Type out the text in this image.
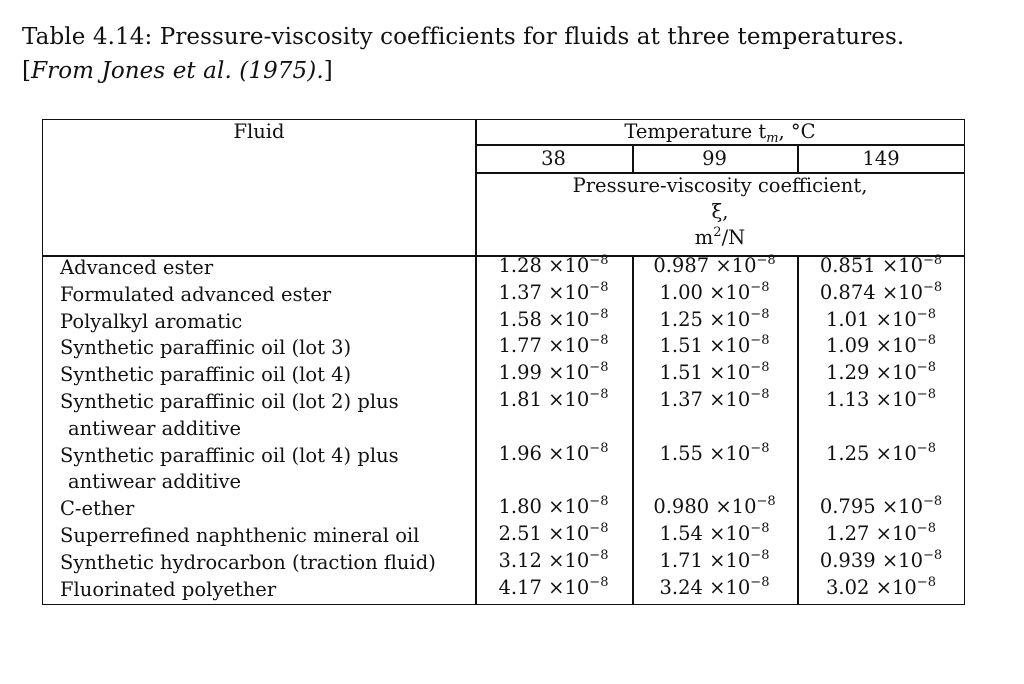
Table 4.14: Pressure-viscosity coefficients for fluids at three temperatures.
[From Jones et al. (1975).]
Fluid	Temperature $t_m$, °C
38	99	149
Pressure-viscosity coefficient,
ξ,
$m^2/N$
Advanced ester	$1.28 \times 10^{-8}$	$0.987 \times 10^{-8}$	$0.851 \times 10^{-8}$
Formulated advanced ester	$1.37 \times 10^{-8}$	$1.00 \times 10^{-8}$	$0.874 \times 10^{-8}$
Polyalkyl aromatic	$1.58 \times 10^{-8}$	$1.25 \times 10^{-8}$	$1.01 \times 10^{-8}$
Synthetic paraffinic oil (lot 3)	$1.77 \times 10^{-8}$	$1.51 \times 10^{-8}$	$1.09 \times 10^{-8}$
Synthetic paraffinic oil (lot 4)	$1.99 \times 10^{-8}$	$1.51 \times 10^{-8}$	$1.29 \times 10^{-8}$
Synthetic paraffinic oil (lot 2) plus
antiwear additive
$1.81 \times 10^{-8}$	$1.37 \times 10^{-8}$	$1.13 \times 10^{-8}$
Synthetic paraffinic oil (lot 4) plus
antiwear additive
$1.96 \times 10^{-8}$	$1.55 \times 10^{-8}$	$1.25 \times 10^{-8}$
C-ether	$1.80 \times 10^{-8}$	$0.980 \times 10^{-8}$	$0.795 \times 10^{-8}$
Superrefined naphthenic mineral oil	$2.51 \times 10^{-8}$	$1.54 \times 10^{-8}$	$1.27 \times 10^{-8}$
Synthetic hydrocarbon (traction fluid)	$3.12 \times 10^{-8}$	$1.71 \times 10^{-8}$	$0.939 \times 10^{-8}$
Fluorinated polyether	$4.17 \times 10^{-8}$	$3.24 \times 10^{-8}$	$3.02 \times 10^{-8}$
